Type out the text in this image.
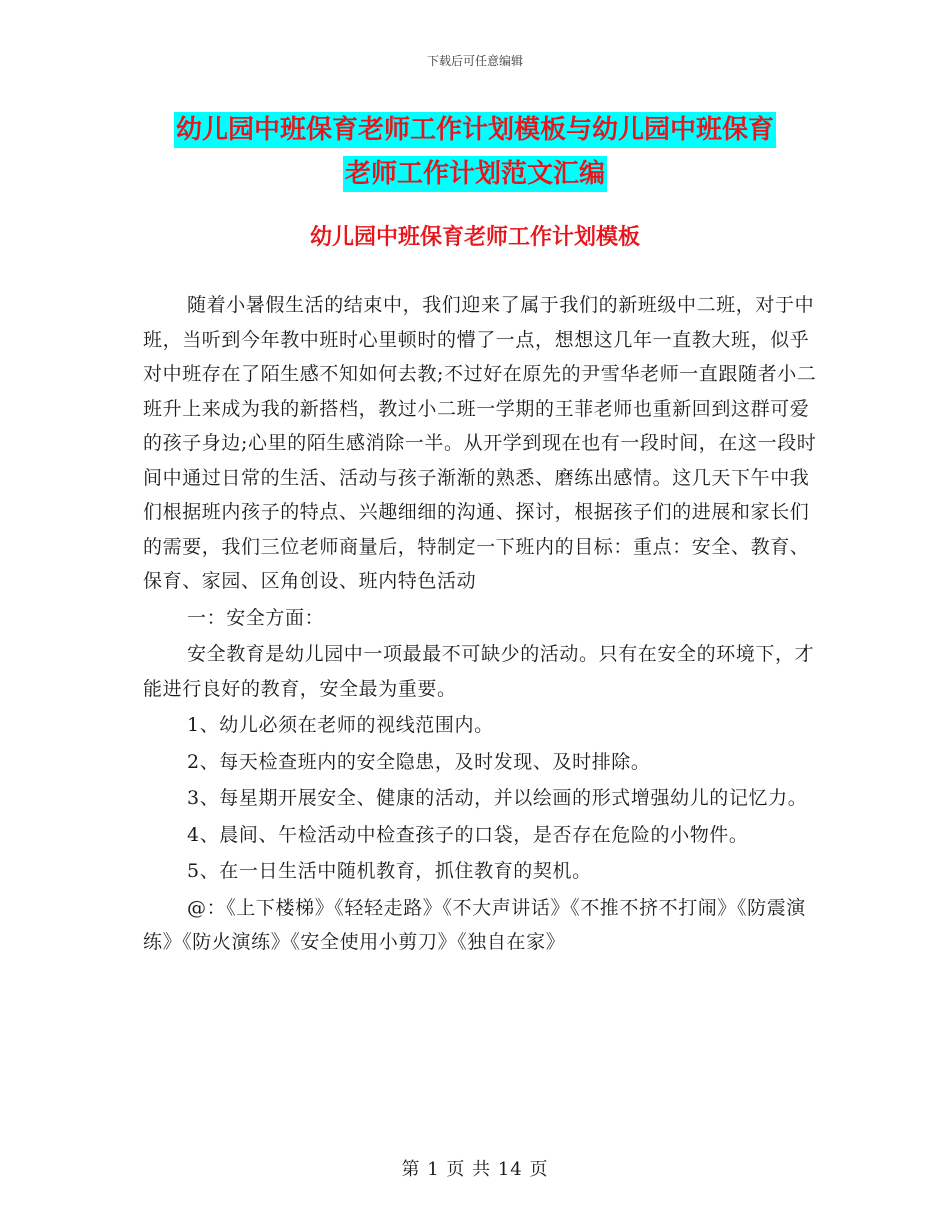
下载后可任意编辑
幼儿园中班保育老师工作计划模板与幼儿园中班保育
老师工作计划范文汇编
幼儿园中班保育老师工作计划模板

随着小暑假生活的结束中，我们迎来了属于我们的新班级中二班，对于中班，当听到今年教中班时心里顿时的懵了一点，想想这几年一直教大班，似乎对中班存在了陌生感不知如何去教;不过好在原先的尹雪华老师一直跟随者小二班升上来成为我的新搭档，教过小二班一学期的王菲老师也重新回到这群可爱的孩子身边;心里的陌生感消除一半。从开学到现在也有一段时间，在这一段时间中通过日常的生活、活动与孩子渐渐的熟悉、磨练出感情。这几天下午中我们根据班内孩子的特点、兴趣细细的沟通、探讨，根据孩子们的进展和家长们的需要，我们三位老师商量后，特制定一下班内的目标：重点：安全、教育、保育、家园、区角创设、班内特色活动

一：安全方面：

安全教育是幼儿园中一项最最不可缺少的活动。只有在安全的环境下，才能进行良好的教育，安全最为重要。

1、幼儿必须在老师的视线范围内。

2、每天检查班内的安全隐患，及时发现、及时排除。

3、每星期开展安全、健康的活动，并以绘画的形式增强幼儿的记忆力。

4、晨间、午检活动中检查孩子的口袋，是否存在危险的小物件。

5、在一日生活中随机教育，抓住教育的契机。

@：《上下楼梯》《轻轻走路》《不大声讲话》《不推不挤不打闹》《防震演练》《防火演练》《安全使用小剪刀》《独自在家》

第 1 页 共 14 页
